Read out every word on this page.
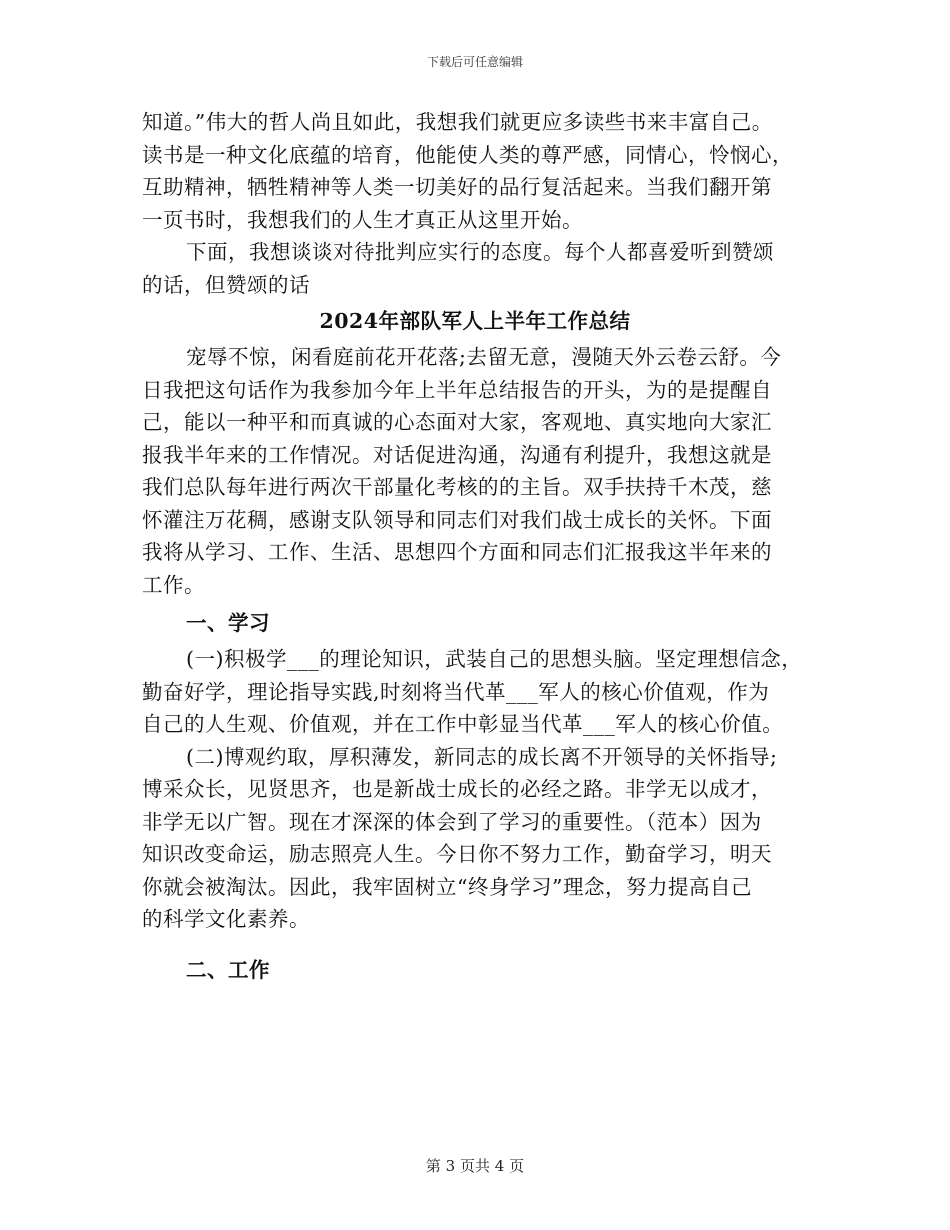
下载后可任意编辑

知道。”伟大的哲人尚且如此，我想我们就更应多读些书来丰富自己。
读书是一种文化底蕴的培育，他能使人类的尊严感，同情心，怜悯心，
互助精神，牺牲精神等人类一切美好的品行复活起来。当我们翻开第
一页书时，我想我们的人生才真正从这里开始。

下面，我想谈谈对待批判应实行的态度。每个人都喜爱听到赞颂
的话，但赞颂的话

2024年部队军人上半年工作总结

宠辱不惊，闲看庭前花开花落;去留无意，漫随天外云卷云舒。今
日我把这句话作为我参加今年上半年总结报告的开头，为的是提醒自
己，能以一种平和而真诚的心态面对大家，客观地、真实地向大家汇
报我半年来的工作情况。对话促进沟通，沟通有利提升，我想这就是
我们总队每年进行两次干部量化考核的的主旨。双手扶持千木茂，慈
怀灌注万花稠，感谢支队领导和同志们对我们战士成长的关怀。下面
我将从学习、工作、生活、思想四个方面和同志们汇报我这半年来的
工作。

一、学习

(一)积极学___的理论知识，武装自己的思想头脑。坚定理想信念，
勤奋好学，理论指导实践,时刻将当代革___军人的核心价值观，作为
自己的人生观、价值观，并在工作中彰显当代革___军人的核心价值。

(二)博观约取，厚积薄发，新同志的成长离不开领导的关怀指导;
博采众长，见贤思齐，也是新战士成长的必经之路。非学无以成才，
非学无以广智。现在才深深的体会到了学习的重要性。（范本）因为
知识改变命运，励志照亮人生。今日你不努力工作，勤奋学习，明天
你就会被淘汰。因此，我牢固树立“终身学习”理念，努力提高自己
的科学文化素养。

二、工作
第 3 页共 4 页
